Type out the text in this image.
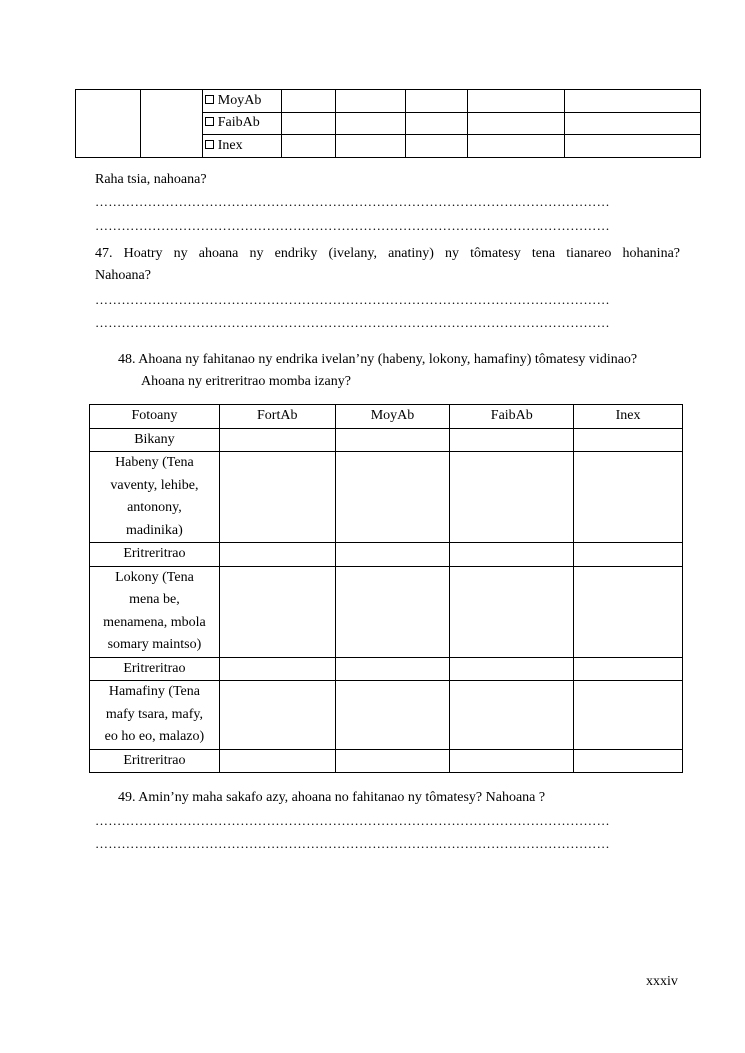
		MoyAb					
		FaibAb					
		Inex					
Raha tsia, nahoana?
………………………………………………………………………………………………………
………………………………………………………………………………………………………
47. Hoatry ny ahoana ny endriky (ivelany, anatiny) ny tômatesy tena tianareo hohanina?
Nahoana?
………………………………………………………………………………………………………
………………………………………………………………………………………………………
48. Ahoana ny fahitanao ny endrika ivelan’ny (habeny, lokony, hamafiny) tômatesy vidinao?
Ahoana ny eritreritrao momba izany?
Fotoany	FortAb	MoyAb	FaibAb	Inex

Bikany				

Habeny (Tena
vaventy, lehibe,
antonony,
madinika)				

Eritreritrao				

Lokony (Tena
mena be,
menamena, mbola
somary maintso)				

Eritreritrao				

Hamafiny (Tena
mafy tsara, mafy,
eo ho eo, malazo)				

Eritreritrao				

49. Amin’ny maha sakafo azy, ahoana no fahitanao ny tômatesy? Nahoana ?
………………………………………………………………………………………………………
………………………………………………………………………………………………………
xxxiv
